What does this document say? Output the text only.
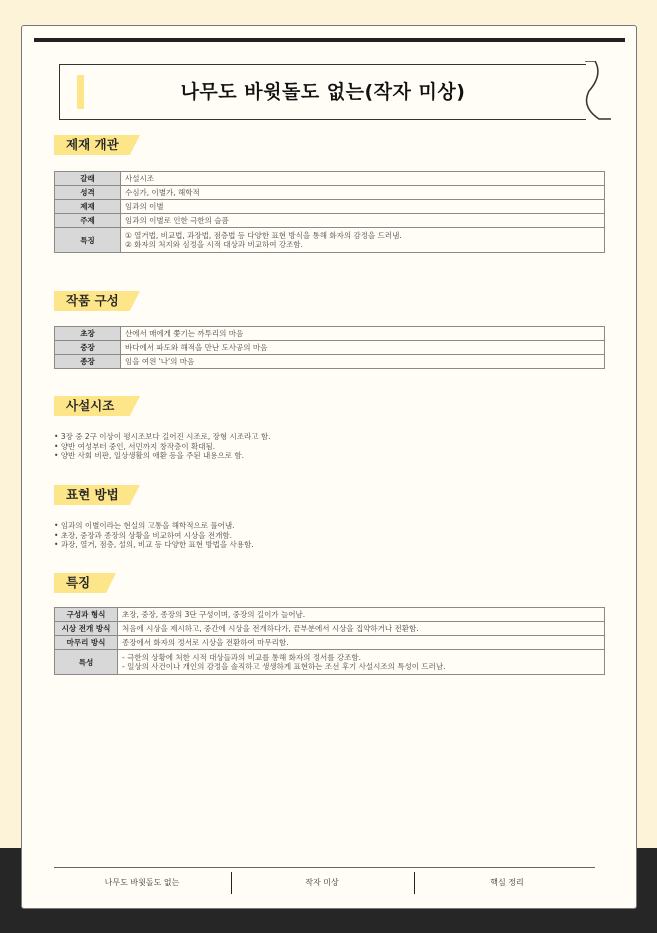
나무도 바윗돌도 없는(작자 미상)
제재 개관
갈래	사설시조
성격	수심가, 이별가, 해학적
제재	임과의 이별
주제	임과의 이별로 인한 극한의 슬픔
특징	① 열거법, 비교법, 과장법, 점층법 등 다양한 표현 방식을 통해 화자의 감정을 드러냄.
② 화자의 처지와 심정을 시적 대상과 비교하여 강조함.
작품 구성
초장	산에서 매에게 쫓기는 까투리의 마음
중장	바다에서 파도와 해적을 만난 도사공의 마음
종장	임을 여읜 '나'의 마음
사설시조
• 3장 중 2구 이상이 평시조보다 길어진 시조로, 장형 시조라고 함.
• 양반 여성부터 중인, 서민까지 창작층이 확대됨.
• 양반 사회 비판, 일상생활의 애환 등을 주된 내용으로 함.
표현 방법
• 임과의 이별이라는 현실의 고통을 해학적으로 풀어냄.
• 초장, 중장과 종장의 상황을 비교하여 시상을 전개함.
• 과장, 열거, 점층, 설의, 비교 등 다양한 표현 방법을 사용함.
특징
구성과 형식	초장, 중장, 종장의 3단 구성이며, 중장의 길이가 늘어남.
시상 전개 방식	처음에 시상을 제시하고, 중간에 시상을 전개하다가, 끝부분에서 시상을 집약하거나 전환함.
마무리 방식	종장에서 화자의 정서로 시상을 전환하여 마무리함.
특성	- 극한의 상황에 처한 시적 대상들과의 비교를 통해 화자의 정서를 강조함.
- 일상의 사건이나 개인의 감정을 솔직하고 생생하게 표현하는 조선 후기 사설시조의 특성이 드러남.
나무도 바윗돌도 없는	작자 미상	핵심 정리
